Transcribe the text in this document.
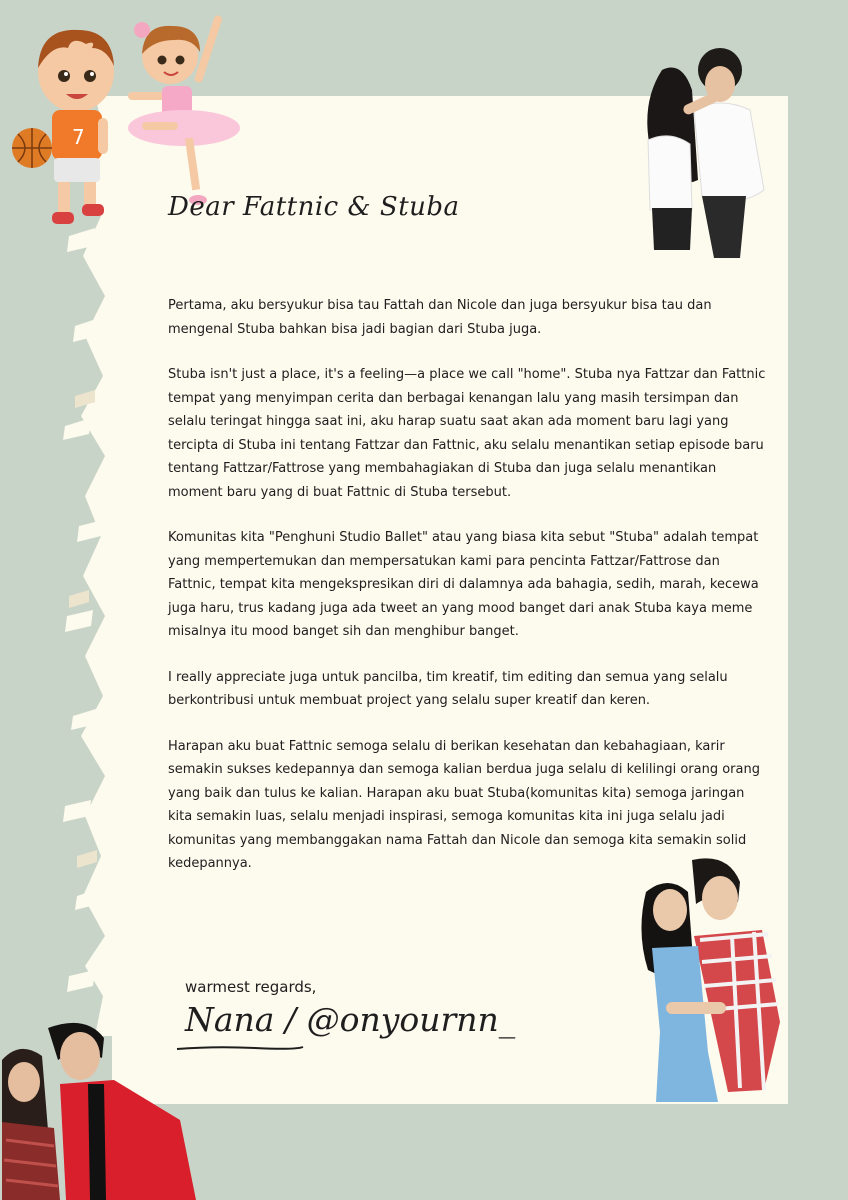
7
Dear Fattnic & Stuba

Pertama, aku bersyukur bisa tau Fattah dan Nicole dan juga bersyukur bisa tau dan mengenal Stuba bahkan bisa jadi bagian dari Stuba juga.

Stuba isn't just a place, it's a feeling—a place we call "home". Stuba nya Fattzar dan Fattnic tempat yang menyimpan cerita dan berbagai kenangan lalu yang masih tersimpan dan selalu teringat hingga saat ini, aku harap suatu saat akan ada moment baru lagi yang tercipta di Stuba ini tentang Fattzar dan Fattnic, aku selalu menantikan setiap episode baru tentang Fattzar/Fattrose yang membahagiakan di Stuba dan juga selalu menantikan moment baru yang di buat Fattnic di Stuba tersebut.

Komunitas kita "Penghuni Studio Ballet" atau yang biasa kita sebut "Stuba" adalah tempat yang mempertemukan dan mempersatukan kami para pencinta Fattzar/Fattrose dan Fattnic, tempat kita mengekspresikan diri di dalamnya ada bahagia, sedih, marah, kecewa juga haru, trus kadang juga ada tweet an yang mood banget dari anak Stuba kaya meme misalnya itu mood banget sih dan menghibur banget.

I really appreciate juga untuk pancilba, tim kreatif, tim editing dan semua yang selalu berkontribusi untuk membuat project yang selalu super kreatif dan keren.

Harapan aku buat Fattnic semoga selalu di berikan kesehatan dan kebahagiaan, karir semakin sukses kedepannya dan semoga kalian berdua juga selalu di kelilingi orang orang yang baik dan tulus ke kalian. Harapan aku buat Stuba(komunitas kita) semoga jaringan kita semakin luas, selalu menjadi inspirasi, semoga komunitas kita ini juga selalu jadi komunitas yang membanggakan nama Fattah dan Nicole dan semoga kita semakin solid kedepannya.

warmest regards,
Nana / @onyournn_
